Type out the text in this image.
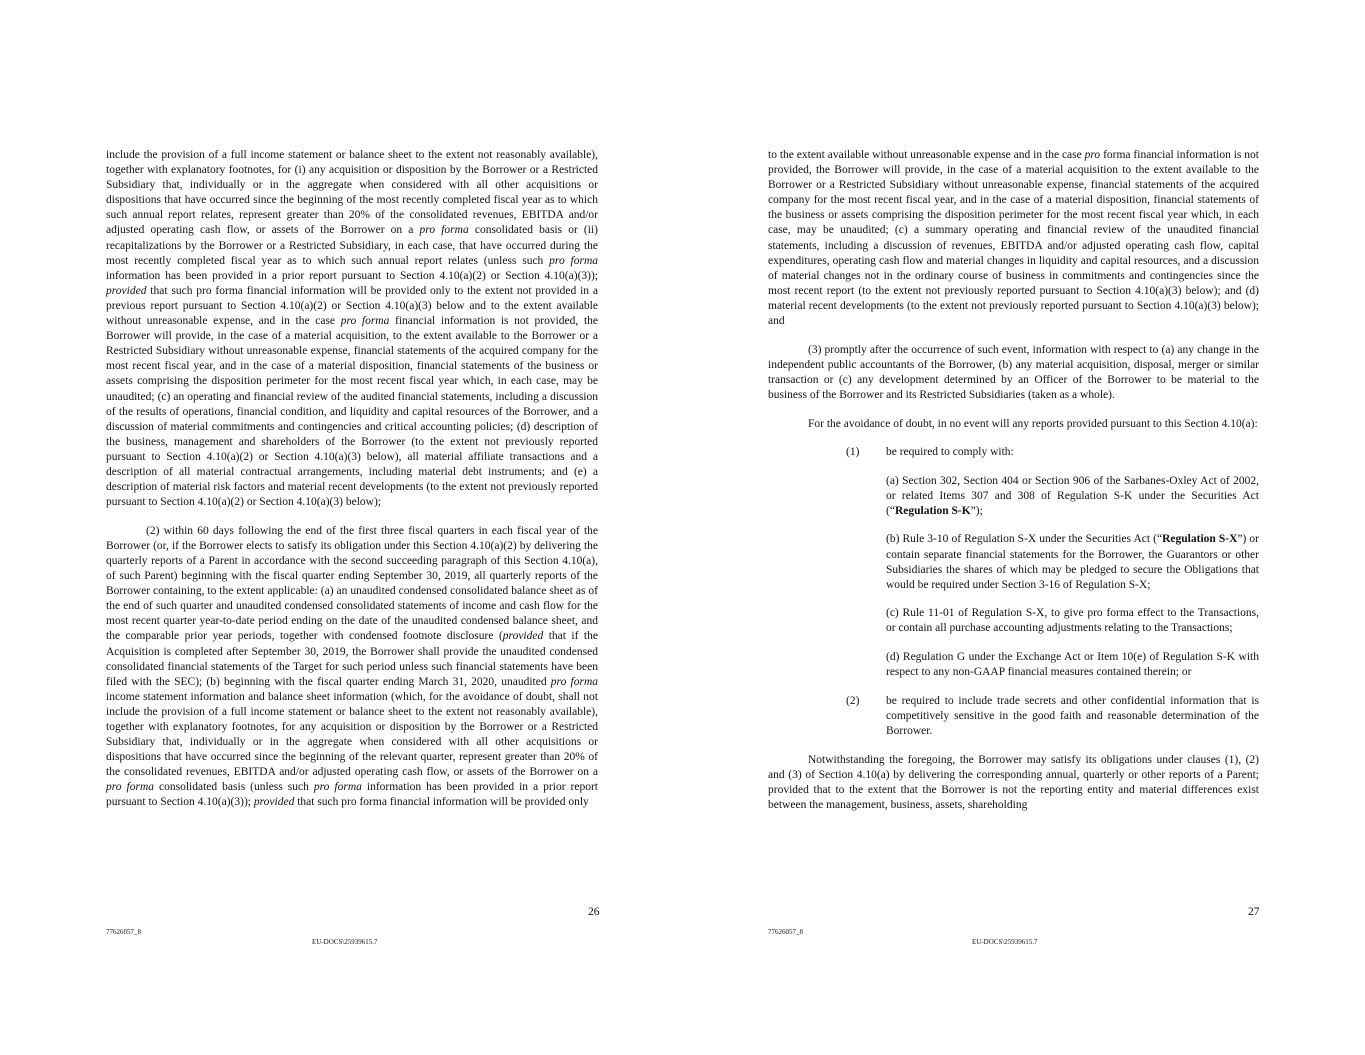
include the provision of a full income statement or balance sheet to the extent not reasonably available), together with explanatory footnotes, for (i) any acquisition or disposition by the Borrower or a Restricted Subsidiary that, individually or in the aggregate when considered with all other acquisitions or dispositions that have occurred since the beginning of the most recently completed fiscal year as to which such annual report relates, represent greater than 20% of the consolidated revenues, EBITDA and/or adjusted operating cash flow, or assets of the Borrower on a pro forma consolidated basis or (ii) recapitalizations by the Borrower or a Restricted Subsidiary, in each case, that have occurred during the most recently completed fiscal year as to which such annual report relates (unless such pro forma information has been provided in a prior report pursuant to Section 4.10(a)(2) or Section 4.10(a)(3)); provided that such pro forma financial information will be provided only to the extent not provided in a previous report pursuant to Section 4.10(a)(2) or Section 4.10(a)(3) below and to the extent available without unreasonable expense, and in the case pro forma financial information is not provided, the Borrower will provide, in the case of a material acquisition, to the extent available to the Borrower or a Restricted Subsidiary without unreasonable expense, financial statements of the acquired company for the most recent fiscal year, and in the case of a material disposition, financial statements of the business or assets comprising the disposition perimeter for the most recent fiscal year which, in each case, may be unaudited; (c) an operating and financial review of the audited financial statements, including a discussion of the results of operations, financial condition, and liquidity and capital resources of the Borrower, and a discussion of material commitments and contingencies and critical accounting policies; (d) description of the business, management and shareholders of the Borrower (to the extent not previously reported pursuant to Section 4.10(a)(2) or Section 4.10(a)(3) below), all material affiliate transactions and a description of all material contractual arrangements, including material debt instruments; and (e) a description of material risk factors and material recent developments (to the extent not previously reported pursuant to Section 4.10(a)(2) or Section 4.10(a)(3) below);

(2) within 60 days following the end of the first three fiscal quarters in each fiscal year of the Borrower (or, if the Borrower elects to satisfy its obligation under this Section 4.10(a)(2) by delivering the quarterly reports of a Parent in accordance with the second succeeding paragraph of this Section 4.10(a), of such Parent) beginning with the fiscal quarter ending September 30, 2019, all quarterly reports of the Borrower containing, to the extent applicable: (a) an unaudited condensed consolidated balance sheet as of the end of such quarter and unaudited condensed consolidated statements of income and cash flow for the most recent quarter year-to-date period ending on the date of the unaudited condensed balance sheet, and the comparable prior year periods, together with condensed footnote disclosure (provided that if the Acquisition is completed after September 30, 2019, the Borrower shall provide the unaudited condensed consolidated financial statements of the Target for such period unless such financial statements have been filed with the SEC); (b) beginning with the fiscal quarter ending March 31, 2020, unaudited pro forma income statement information and balance sheet information (which, for the avoidance of doubt, shall not include the provision of a full income statement or balance sheet to the extent not reasonably available), together with explanatory footnotes, for any acquisition or disposition by the Borrower or a Restricted Subsidiary that, individually or in the aggregate when considered with all other acquisitions or dispositions that have occurred since the beginning of the relevant quarter, represent greater than 20% of the consolidated revenues, EBITDA and/or adjusted operating cash flow, or assets of the Borrower on a pro forma consolidated basis (unless such pro forma information has been provided in a prior report pursuant to Section 4.10(a)(3)); provided that such pro forma financial information will be provided only

26
77626057_8
EU-DOCS\25939615.7

to the extent available without unreasonable expense and in the case pro forma financial information is not provided, the Borrower will provide, in the case of a material acquisition to the extent available to the Borrower or a Restricted Subsidiary without unreasonable expense, financial statements of the acquired company for the most recent fiscal year, and in the case of a material disposition, financial statements of the business or assets comprising the disposition perimeter for the most recent fiscal year which, in each case, may be unaudited; (c) a summary operating and financial review of the unaudited financial statements, including a discussion of revenues, EBITDA and/or adjusted operating cash flow, capital expenditures, operating cash flow and material changes in liquidity and capital resources, and a discussion of material changes not in the ordinary course of business in commitments and contingencies since the most recent report (to the extent not previously reported pursuant to Section 4.10(a)(3) below); and (d) material recent developments (to the extent not previously reported pursuant to Section 4.10(a)(3) below); and

(3) promptly after the occurrence of such event, information with respect to (a) any change in the independent public accountants of the Borrower, (b) any material acquisition, disposal, merger or similar transaction or (c) any development determined by an Officer of the Borrower to be material to the business of the Borrower and its Restricted Subsidiaries (taken as a whole).

For the avoidance of doubt, in no event will any reports provided pursuant to this Section 4.10(a):

(1) be required to comply with:
(a) Section 302, Section 404 or Section 906 of the Sarbanes-Oxley Act of 2002, or related Items 307 and 308 of Regulation S-K under the Securities Act (“Regulation S-K”);
(b) Rule 3-10 of Regulation S-X under the Securities Act (“Regulation S-X”) or contain separate financial statements for the Borrower, the Guarantors or other Subsidiaries the shares of which may be pledged to secure the Obligations that would be required under Section 3-16 of Regulation S-X;
(c) Rule 11-01 of Regulation S-X, to give pro forma effect to the Transactions, or contain all purchase accounting adjustments relating to the Transactions;
(d) Regulation G under the Exchange Act or Item 10(e) of Regulation S-K with respect to any non-GAAP financial measures contained therein; or
(2) be required to include trade secrets and other confidential information that is competitively sensitive in the good faith and reasonable determination of the Borrower.

Notwithstanding the foregoing, the Borrower may satisfy its obligations under clauses (1), (2) and (3) of Section 4.10(a) by delivering the corresponding annual, quarterly or other reports of a Parent; provided that to the extent that the Borrower is not the reporting entity and material differences exist between the management, business, assets, shareholding

27
77626057_8
EU-DOCS\25939615.7
